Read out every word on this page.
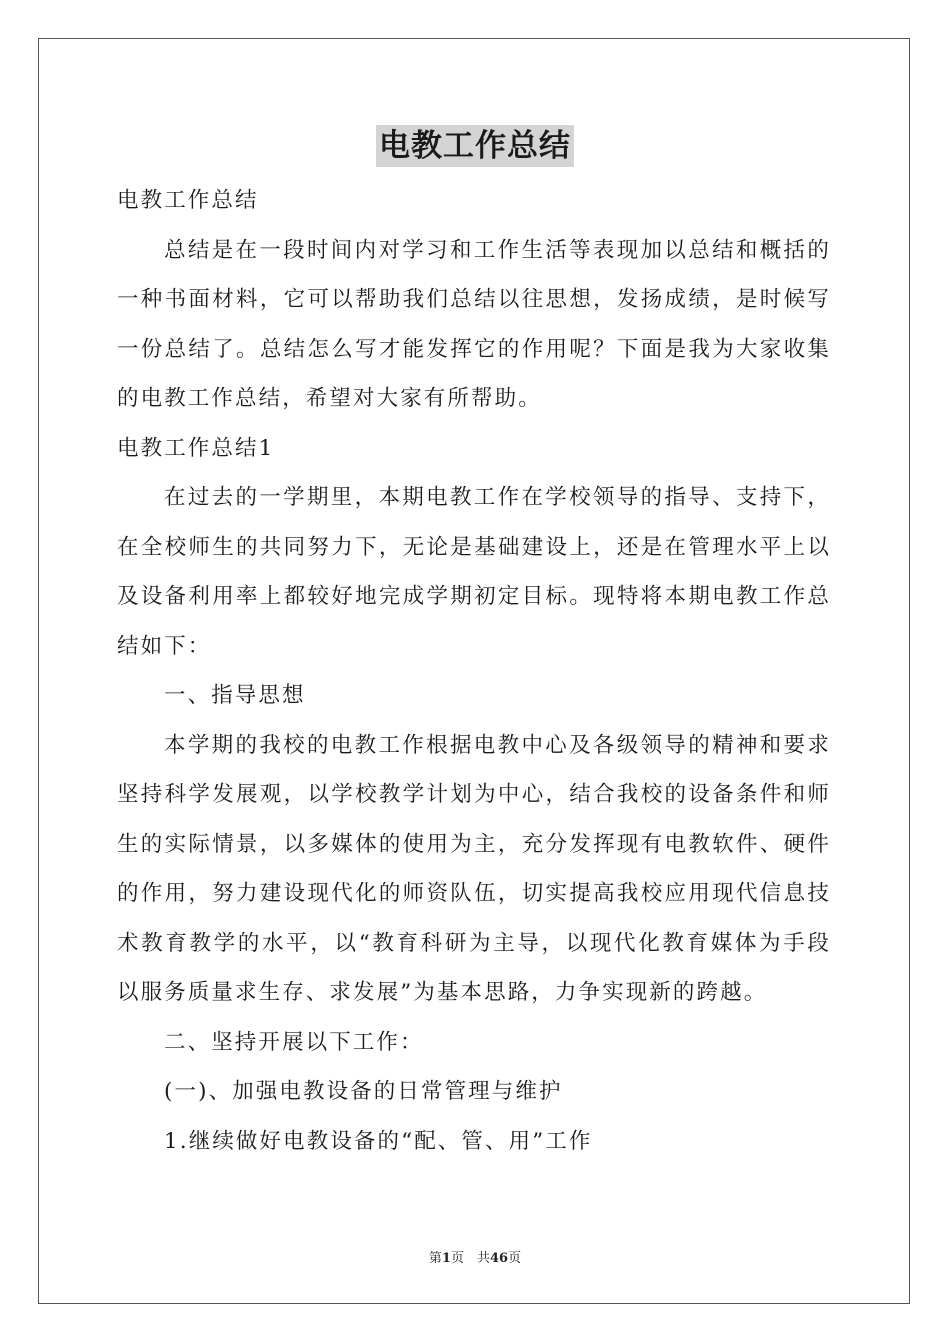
电教工作总结

电教工作总结

总结是在一段时间内对学习和工作生活等表现加以总结和概括的一种书面材料，它可以帮助我们总结以往思想，发扬成绩，是时候写一份总结了。总结怎么写才能发挥它的作用呢？下面是我为大家收集的电教工作总结，希望对大家有所帮助。

电教工作总结1

在过去的一学期里，本期电教工作在学校领导的指导、支持下，在全校师生的共同努力下，无论是基础建设上，还是在管理水平上以及设备利用率上都较好地完成学期初定目标。现特将本期电教工作总结如下：

一、指导思想

本学期的我校的电教工作根据电教中心及各级领导的精神和要求坚持科学发展观，以学校教学计划为中心，结合我校的设备条件和师生的实际情景，以多媒体的使用为主，充分发挥现有电教软件、硬件的作用，努力建设现代化的师资队伍，切实提高我校应用现代信息技术教育教学的水平，以“教育科研为主导，以现代化教育媒体为手段以服务质量求生存、求发展”为基本思路，力争实现新的跨越。

二、坚持开展以下工作：

(一)、加强电教设备的日常管理与维护

1.继续做好电教设备的“配、管、用”工作

第1页　共46页
